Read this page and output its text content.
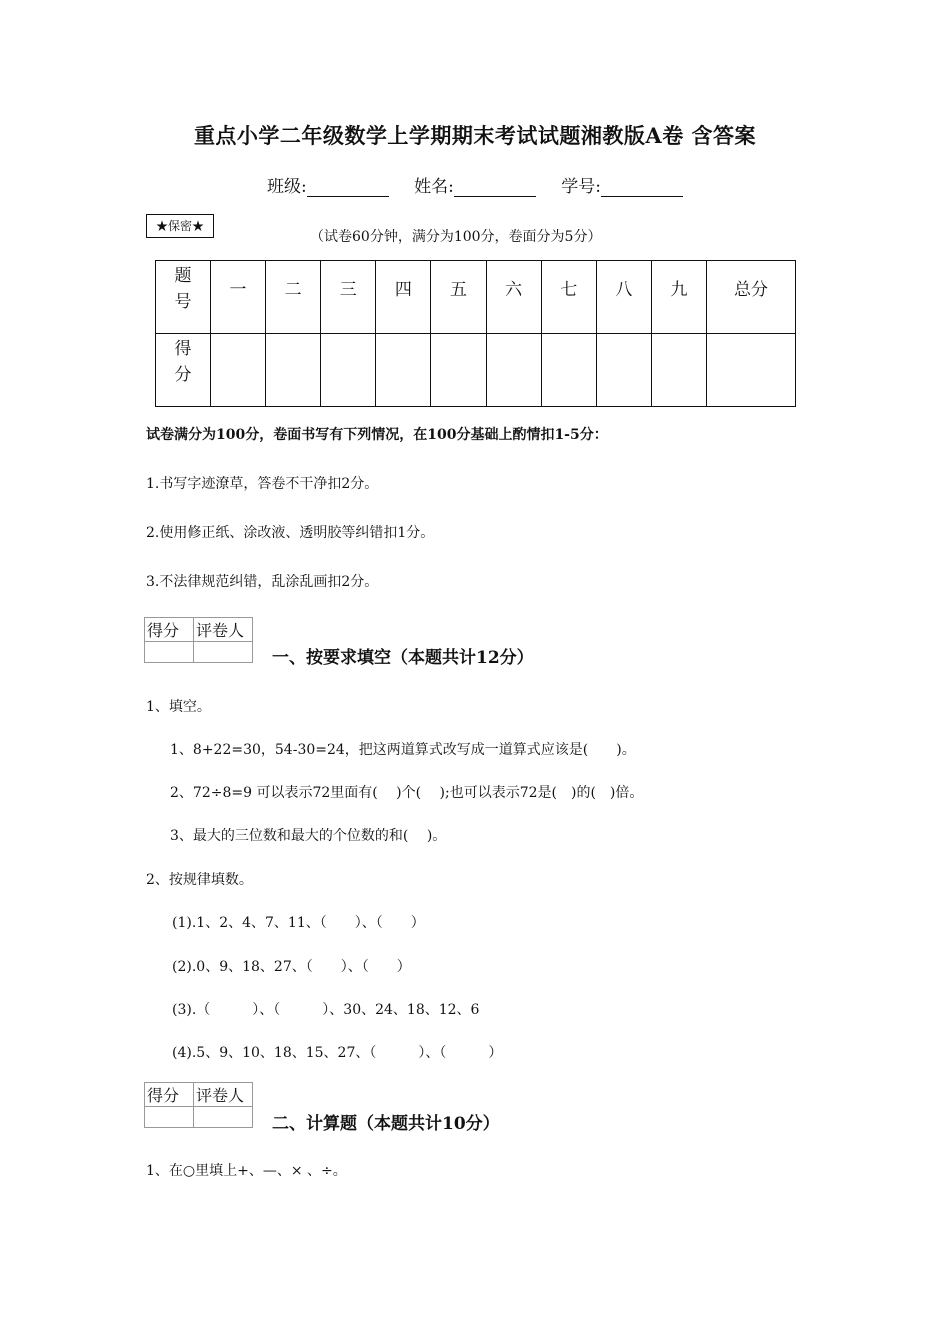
重点小学二年级数学上学期期末考试试题湘教版A卷 含答案
班级:	姓名:	学号:
★保密★
（试卷60分钟，满分为100分，卷面分为5分）
题
号	一	二	三	四	五	六	七	八	九	总分

得
分										

试卷满分为100分，卷面书写有下列情况，在100分基础上酌情扣1-5分：
1.书写字迹潦草，答卷不干净扣2分。
2.使用修正纸、涂改液、透明胶等纠错扣1分。
3.不法律规范纠错，乱涂乱画扣2分。
得分	评卷人

一、按要求填空（本题共计12分）
1、填空。
1、8+22=30，54-30=24，把这两道算式改写成一道算式应该是(　　)。
2、72÷8=9 可以表示72里面有(　 )个(　 );也可以表示72是(　)的(　)倍。
3、最大的三位数和最大的个位数的和(　 )。
2、按规律填数。
(1).1、2、4、7、11、（　　）、（　　）
(2).0、9、18、27、（　　）、（　　）
(3).（　　　）、（　　　）、30、24、18、12、6
(4).5、9、10、18、15、27、（　　　）、（　　　）
得分	评卷人

二、计算题（本题共计10分）
1、在○里填上+、—、× 、÷。
